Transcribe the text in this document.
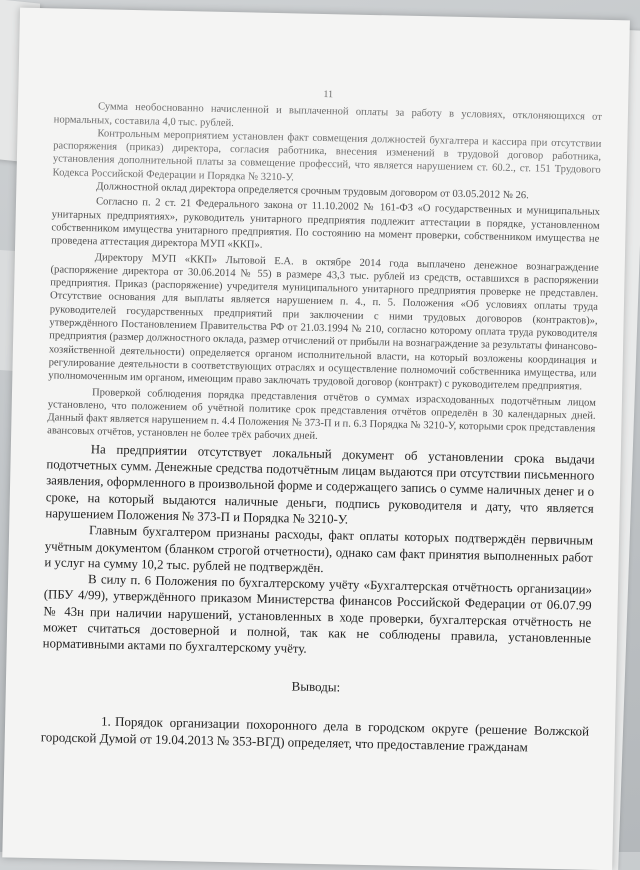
11

Сумма необоснованно начисленной и выплаченной оплаты за работу в условиях, отклоняющихся от нормальных, составила 4,0 тыс. рублей.

Контрольным мероприятием установлен факт совмещения должностей бухгалтера и кассира при отсутствии распоряжения (приказ) директора, согласия работника, внесения изменений в трудовой договор работника, установления дополнительной платы за совмещение профессий, что является нарушением ст. 60.2., ст. 151 Трудового Кодекса Российской Федерации и Порядка № 3210-У.

Должностной оклад директора определяется срочным трудовым договором от 03.05.2012 № 26.

Согласно п. 2 ст. 21 Федерального закона от 11.10.2002 № 161-ФЗ «О государственных и муниципальных унитарных предприятиях», руководитель унитарного предприятия подлежит аттестации в порядке, установленном собственником имущества унитарного предприятия. По состоянию на момент проверки, собственником имущества не проведена аттестация директора МУП «ККП».

Директору МУП «ККП» Лытовой Е.А. в октябре 2014 года выплачено денежное вознаграждение (распоряжение директора от 30.06.2014 № 55) в размере 43,3 тыс. рублей из средств, оставшихся в распоряжении предприятия. Приказ (распоряжение) учредителя муниципального унитарного предприятия проверке не представлен. Отсутствие основания для выплаты является нарушением п. 4., п. 5. Положения «Об условиях оплаты труда руководителей государственных предприятий при заключении с ними трудовых договоров (контрактов)», утверждённого Постановлением Правительства РФ от 21.03.1994 № 210, согласно которому оплата труда руководителя предприятия (размер должностного оклада, размер отчислений от прибыли на вознаграждение за результаты финансово-хозяйственной деятельности) определяется органом исполнительной власти, на который возложены координация и регулирование деятельности в соответствующих отраслях и осуществление полномочий собственника имущества, или уполномоченным им органом, имеющим право заключать трудовой договор (контракт) с руководителем предприятия.

Проверкой соблюдения порядка представления отчётов о суммах израсходованных подотчётным лицом установлено, что положением об учётной политике срок представления отчётов определён в 30 календарных дней. Данный факт является нарушением п. 4.4 Положения № 373-П и п. 6.3 Порядка № 3210-У, которыми срок представления авансовых отчётов, установлен не более трёх рабочих дней.

На предприятии отсутствует локальный документ об установлении срока выдачи подотчетных сумм. Денежные средства подотчётным лицам выдаются при отсутствии письменного заявления, оформленного в произвольной форме и содержащего запись о сумме наличных денег и о сроке, на который выдаются наличные деньги, подпись руководителя и дату, что является нарушением Положения № 373-П и Порядка № 3210-У.

Главным бухгалтером признаны расходы, факт оплаты которых подтверждён первичным учётным документом (бланком строгой отчетности), однако сам факт принятия выполненных работ и услуг на сумму 10,2 тыс. рублей не подтверждён.

В силу п. 6 Положения по бухгалтерскому учёту «Бухгалтерская отчётность организации» (ПБУ 4/99), утверждённого приказом Министерства финансов Российской Федерации от 06.07.99 № 43н при наличии нарушений, установленных в ходе проверки, бухгалтерская отчётность не может считаться достоверной и полной, так как не соблюдены правила, установленные нормативными актами по бухгалтерскому учёту.

Выводы:

1. Порядок организации похоронного дела в городском округе (решение Волжской городской Думой от 19.04.2013 № 353-ВГД) определяет, что предоставление гражданам
